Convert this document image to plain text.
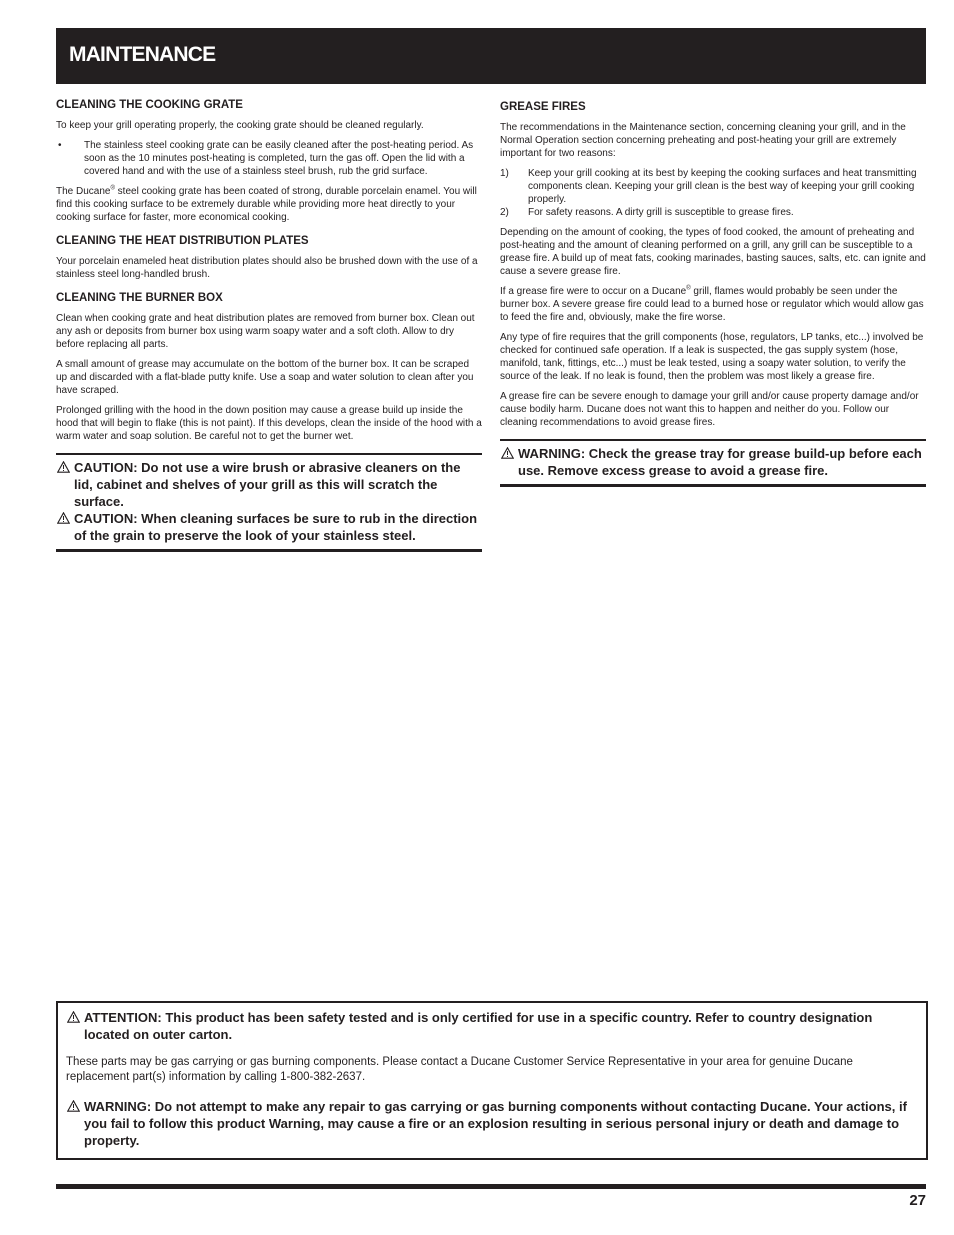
MAINTENANCE
CLEANING THE COOKING GRATE

To keep your grill operating properly, the cooking grate should be cleaned regularly.

• The stainless steel cooking grate can be easily cleaned after the post-heating period. As soon as the 10 minutes post-heating is completed, turn the gas off. Open the lid with a covered hand and with the use of a stainless steel brush, rub the grid surface.

The Ducane® steel cooking grate has been coated of strong, durable porcelain enamel. You will find this cooking surface to be extremely durable while providing more heat directly to your cooking surface for faster, more economical cooking.

CLEANING THE HEAT DISTRIBUTION PLATES

Your porcelain enameled heat distribution plates should also be brushed down with the use of a stainless steel long-handled brush.

CLEANING THE BURNER BOX

Clean when cooking grate and heat distribution plates are removed from burner box. Clean out any ash or deposits from burner box using warm soapy water and a soft cloth. Allow to dry before replacing all parts.

A small amount of grease may accumulate on the bottom of the burner box. It can be scraped up and discarded with a flat-blade putty knife. Use a soap and water solution to clean after you have scraped.

Prolonged grilling with the hood in the down position may cause a grease build up inside the hood that will begin to flake (this is not paint). If this develops, clean the inside of the hood with a warm water and soap solution. Be careful not to get the burner wet.

CAUTION: Do not use a wire brush or abrasive cleaners on the lid, cabinet and shelves of your grill as this will scratch the surface.
CAUTION: When cleaning surfaces be sure to rub in the direction of the grain to preserve the look of your stainless steel.
GREASE FIRES

The recommendations in the Maintenance section, concerning cleaning your grill, and in the Normal Operation section concerning preheating and post-heating your grill are extremely important for two reasons:

1) Keep your grill cooking at its best by keeping the cooking surfaces and heat transmitting components clean. Keeping your grill clean is the best way of keeping your grill cooking properly.
2) For safety reasons. A dirty grill is susceptible to grease fires.

Depending on the amount of cooking, the types of food cooked, the amount of preheating and post-heating and the amount of cleaning performed on a grill, any grill can be susceptible to a grease fire. A build up of meat fats, cooking marinades, basting sauces, salts, etc. can ignite and cause a severe grease fire.

If a grease fire were to occur on a Ducane® grill, flames would probably be seen under the burner box. A severe grease fire could lead to a burned hose or regulator which would allow gas to feed the fire and, obviously, make the fire worse.

Any type of fire requires that the grill components (hose, regulators, LP tanks, etc...) involved be checked for continued safe operation. If a leak is suspected, the gas supply system (hose, manifold, tank, fittings, etc...) must be leak tested, using a soapy water solution, to verify the source of the leak. If no leak is found, then the problem was most likely a grease fire.

A grease fire can be severe enough to damage your grill and/or cause property damage and/or cause bodily harm. Ducane does not want this to happen and neither do you. Follow our cleaning recommendations to avoid grease fires.

WARNING: Check the grease tray for grease build-up before each use. Remove excess grease to avoid a grease fire.
ATTENTION: This product has been safety tested and is only certified for use in a specific country. Refer to country designation located on outer carton.

These parts may be gas carrying or gas burning components. Please contact a Ducane Customer Service Representative in your area for genuine Ducane replacement part(s) information by calling 1-800-382-2637.

WARNING: Do not attempt to make any repair to gas carrying or gas burning components without contacting Ducane. Your actions, if you fail to follow this product Warning, may cause a fire or an explosion resulting in serious personal injury or death and damage to property.
27
